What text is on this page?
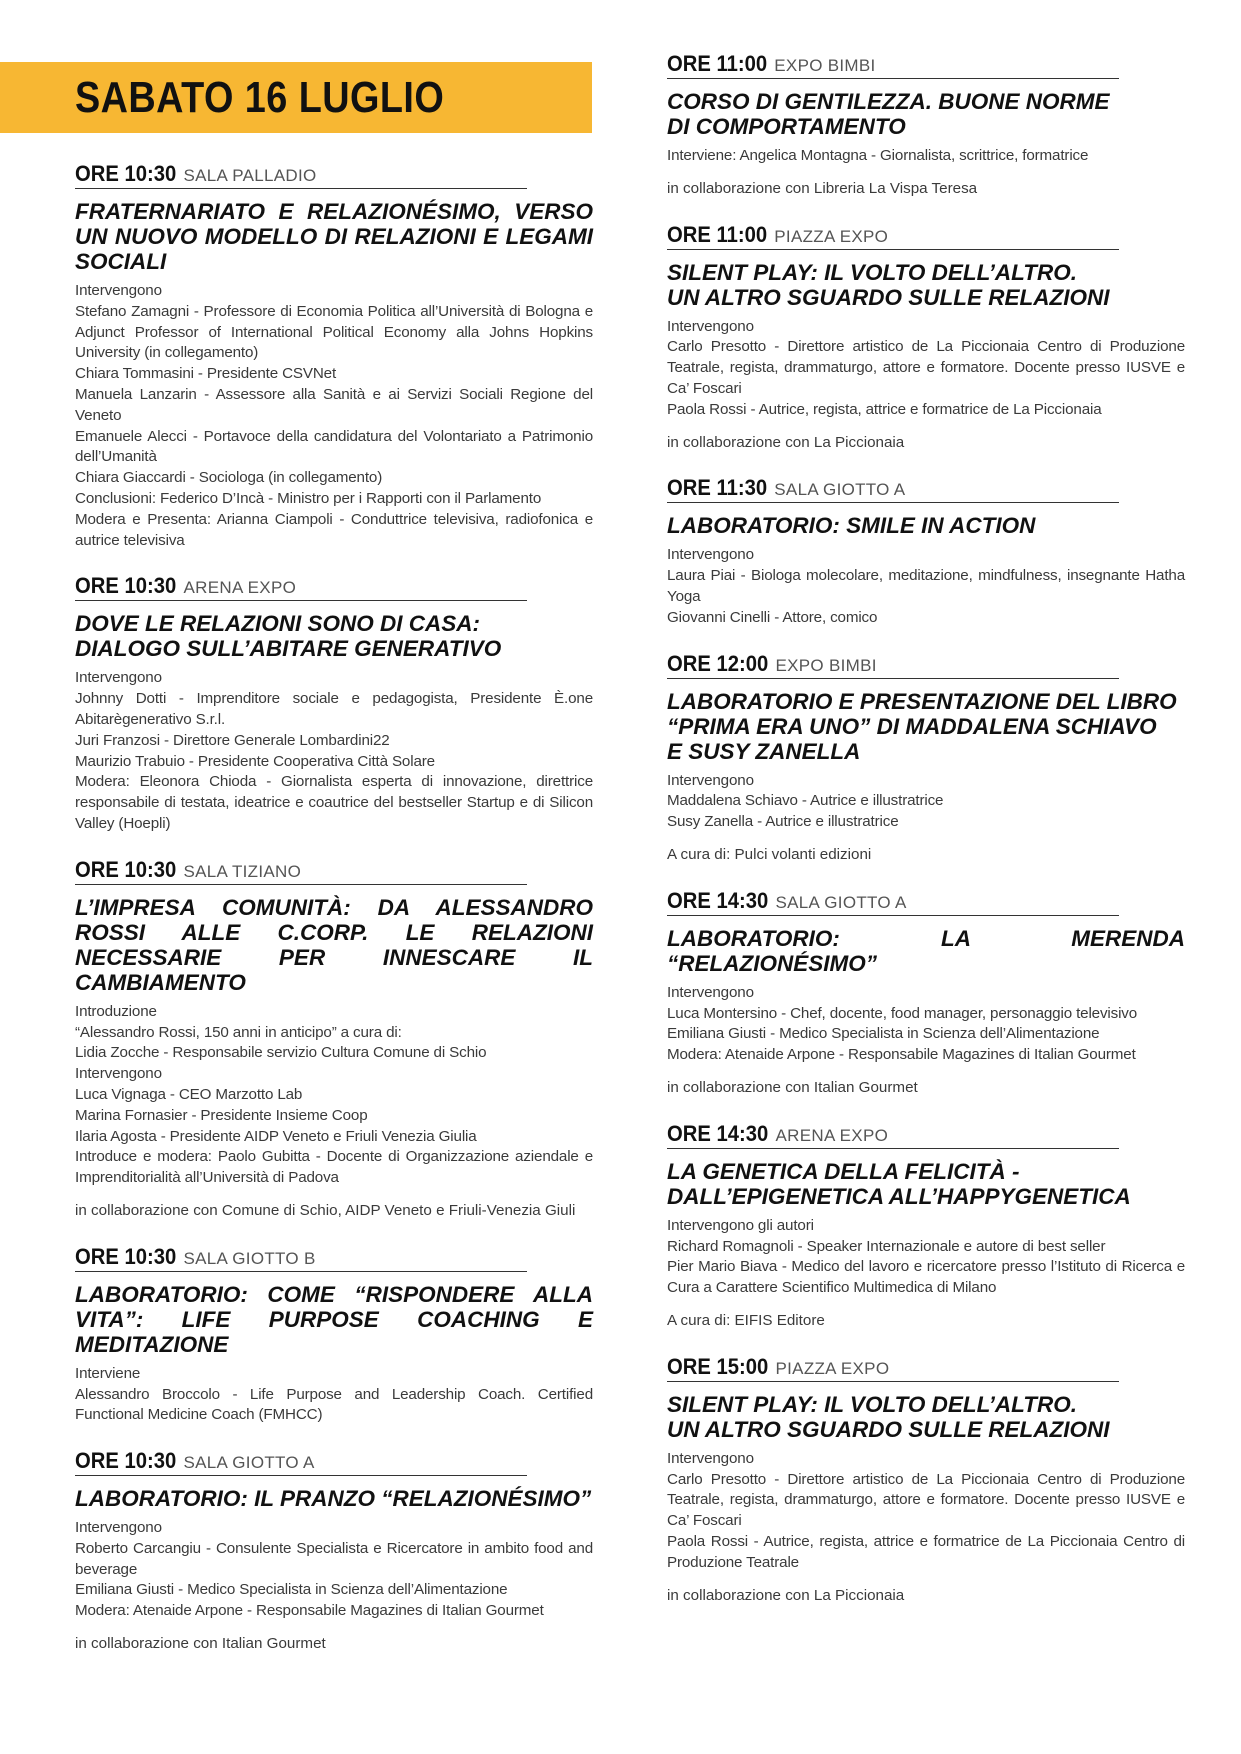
SABATO 16 LUGLIO
ORE 10:30 SALA PALLADIO
FRATERNARIATO E RELAZIONÉSIMO, VERSO UN NUOVO MODELLO DI RELAZIONI E LEGAMI SOCIALI
Intervengono
Stefano Zamagni - Professore di Economia Politica all’Università di Bologna e Adjunct Professor of International Political Economy alla Johns Hopkins University (in collegamento)
Chiara Tommasini - Presidente CSVNet
Manuela Lanzarin - Assessore alla Sanità e ai Servizi Sociali Regione del Veneto
Emanuele Alecci - Portavoce della candidatura del Volontariato a Patrimonio dell’Umanità
Chiara Giaccardi - Sociologa (in collegamento)
Conclusioni: Federico D’Incà - Ministro per i Rapporti con il Parlamento
Modera e Presenta: Arianna Ciampoli - Conduttrice televisiva, radiofonica e autrice televisiva
ORE 10:30 ARENA EXPO
DOVE LE RELAZIONI SONO DI CASA:
DIALOGO SULL’ABITARE GENERATIVO
Intervengono
Johnny Dotti - Imprenditore sociale e pedagogista, Presidente È.one Abitarègenerativo S.r.l.
Juri Franzosi - Direttore Generale Lombardini22
Maurizio Trabuio - Presidente Cooperativa Città Solare
Modera: Eleonora Chioda - Giornalista esperta di innovazione, direttrice responsabile di testata, ideatrice e coautrice del bestseller Startup e di Silicon Valley (Hoepli)
ORE 10:30 SALA TIZIANO
L’IMPRESA COMUNITÀ: DA ALESSANDRO ROSSI ALLE C.CORP. LE RELAZIONI NECESSARIE PER INNESCARE IL CAMBIAMENTO
Introduzione
“Alessandro Rossi, 150 anni in anticipo” a cura di:
Lidia Zocche - Responsabile servizio Cultura Comune di Schio
Intervengono
Luca Vignaga - CEO Marzotto Lab
Marina Fornasier - Presidente Insieme Coop
Ilaria Agosta - Presidente AIDP Veneto e Friuli Venezia Giulia
Introduce e modera: Paolo Gubitta - Docente di Organizzazione aziendale e Imprenditorialità all’Università di Padova
in collaborazione con Comune di Schio, AIDP Veneto e Friuli-Venezia Giuli
ORE 10:30 SALA GIOTTO B
LABORATORIO: COME “RISPONDERE ALLA VITA”: LIFE PURPOSE COACHING E MEDITAZIONE
Interviene
Alessandro Broccolo - Life Purpose and Leadership Coach. Certified Functional Medicine Coach (FMHCC)
ORE 10:30 SALA GIOTTO A
LABORATORIO: IL PRANZO “RELAZIONÉSIMO”
Intervengono
Roberto Carcangiu - Consulente Specialista e Ricercatore in ambito food and beverage
Emiliana Giusti - Medico Specialista in Scienza dell’Alimentazione
Modera: Atenaide Arpone - Responsabile Magazines di Italian Gourmet
in collaborazione con Italian Gourmet
ORE 11:00 EXPO BIMBI
CORSO DI GENTILEZZA. BUONE NORME
DI COMPORTAMENTO
Interviene: Angelica Montagna - Giornalista, scrittrice, formatrice
in collaborazione con Libreria La Vispa Teresa
ORE 11:00 PIAZZA EXPO
SILENT PLAY: IL VOLTO DELL’ALTRO.
UN ALTRO SGUARDO SULLE RELAZIONI
Intervengono
Carlo Presotto - Direttore artistico de La Piccionaia Centro di Produzione Teatrale, regista, drammaturgo, attore e formatore. Docente presso IUSVE e Ca’ Foscari
Paola Rossi - Autrice, regista, attrice e formatrice de La Piccionaia
in collaborazione con La Piccionaia
ORE 11:30 SALA GIOTTO A
LABORATORIO: SMILE IN ACTION
Intervengono
Laura Piai - Biologa molecolare, meditazione, mindfulness, insegnante Hatha Yoga
Giovanni Cinelli - Attore, comico
ORE 12:00 EXPO BIMBI
LABORATORIO E PRESENTAZIONE DEL LIBRO
“PRIMA ERA UNO” DI MADDALENA SCHIAVO
E SUSY ZANELLA
Intervengono
Maddalena Schiavo - Autrice e illustratrice
Susy Zanella - Autrice e illustratrice
A cura di: Pulci volanti edizioni
ORE 14:30 SALA GIOTTO A
LABORATORIO: LA MERENDA “RELAZIONÉSIMO”
Intervengono
Luca Montersino - Chef, docente, food manager, personaggio televisivo
Emiliana Giusti - Medico Specialista in Scienza dell’Alimentazione
Modera: Atenaide Arpone - Responsabile Magazines di Italian Gourmet
in collaborazione con Italian Gourmet
ORE 14:30 ARENA EXPO
LA GENETICA DELLA FELICITÀ -
DALL’EPIGENETICA ALL’HAPPYGENETICA
Intervengono gli autori
Richard Romagnoli - Speaker Internazionale e autore di best seller
Pier Mario Biava - Medico del lavoro e ricercatore presso l’Istituto di Ricerca e Cura a Carattere Scientifico Multimedica di Milano
A cura di: EIFIS Editore
ORE 15:00 PIAZZA EXPO
SILENT PLAY: IL VOLTO DELL’ALTRO.
UN ALTRO SGUARDO SULLE RELAZIONI
Intervengono
Carlo Presotto - Direttore artistico de La Piccionaia Centro di Produzione Teatrale, regista, drammaturgo, attore e formatore. Docente presso IUSVE e Ca’ Foscari
Paola Rossi - Autrice, regista, attrice e formatrice de La Piccionaia Centro di Produzione Teatrale
in collaborazione con La Piccionaia
